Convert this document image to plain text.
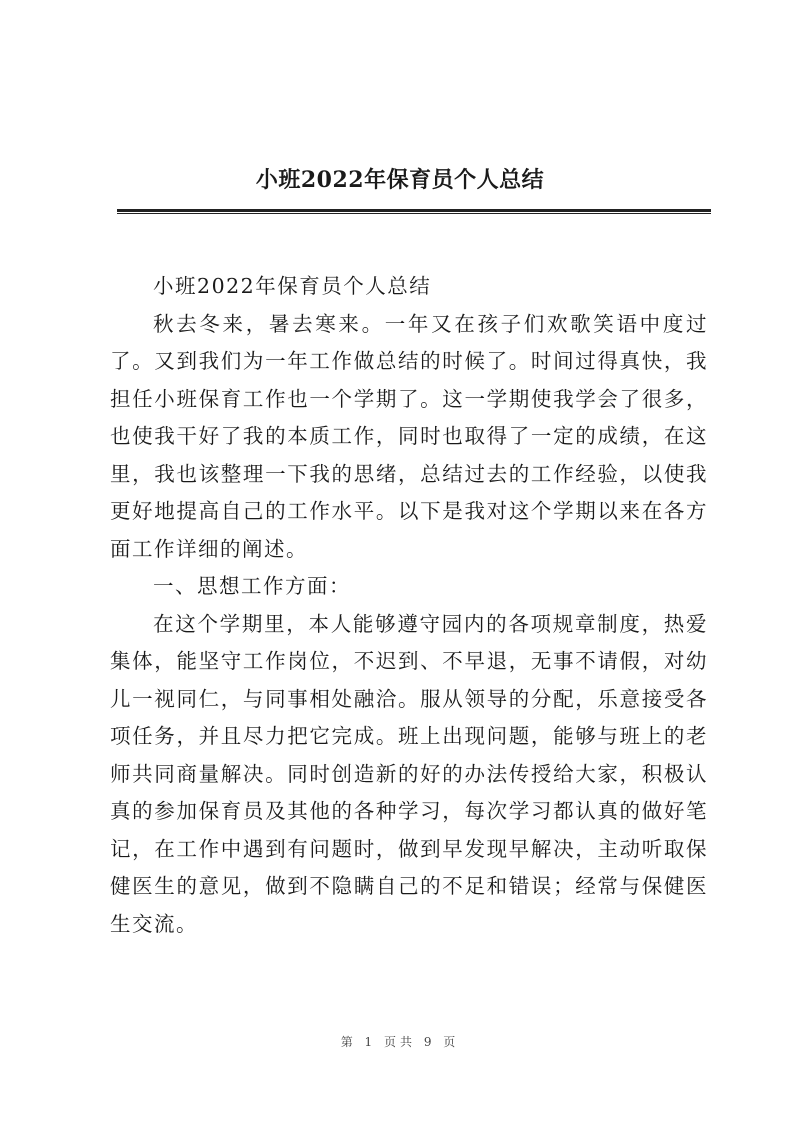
小班2022年保育员个人总结

小班2022年保育员个人总结

秋去冬来，暑去寒来。一年又在孩子们欢歌笑语中度过了。又到我们为一年工作做总结的时候了。时间过得真快，我担任小班保育工作也一个学期了。这一学期使我学会了很多，也使我干好了我的本质工作，同时也取得了一定的成绩，在这里，我也该整理一下我的思绪，总结过去的工作经验，以使我更好地提高自己的工作水平。以下是我对这个学期以来在各方面工作详细的阐述。

一、思想工作方面：

在这个学期里，本人能够遵守园内的各项规章制度，热爱集体，能坚守工作岗位，不迟到、不早退，无事不请假，对幼儿一视同仁，与同事相处融洽。服从领导的分配，乐意接受各项任务，并且尽力把它完成。班上出现问题，能够与班上的老师共同商量解决。同时创造新的好的办法传授给大家，积极认真的参加保育员及其他的各种学习，每次学习都认真的做好笔记，在工作中遇到有问题时，做到早发现早解决，主动听取保健医生的意见，做到不隐瞒自己的不足和错误；经常与保健医生交流。

第 1 页共 9 页
